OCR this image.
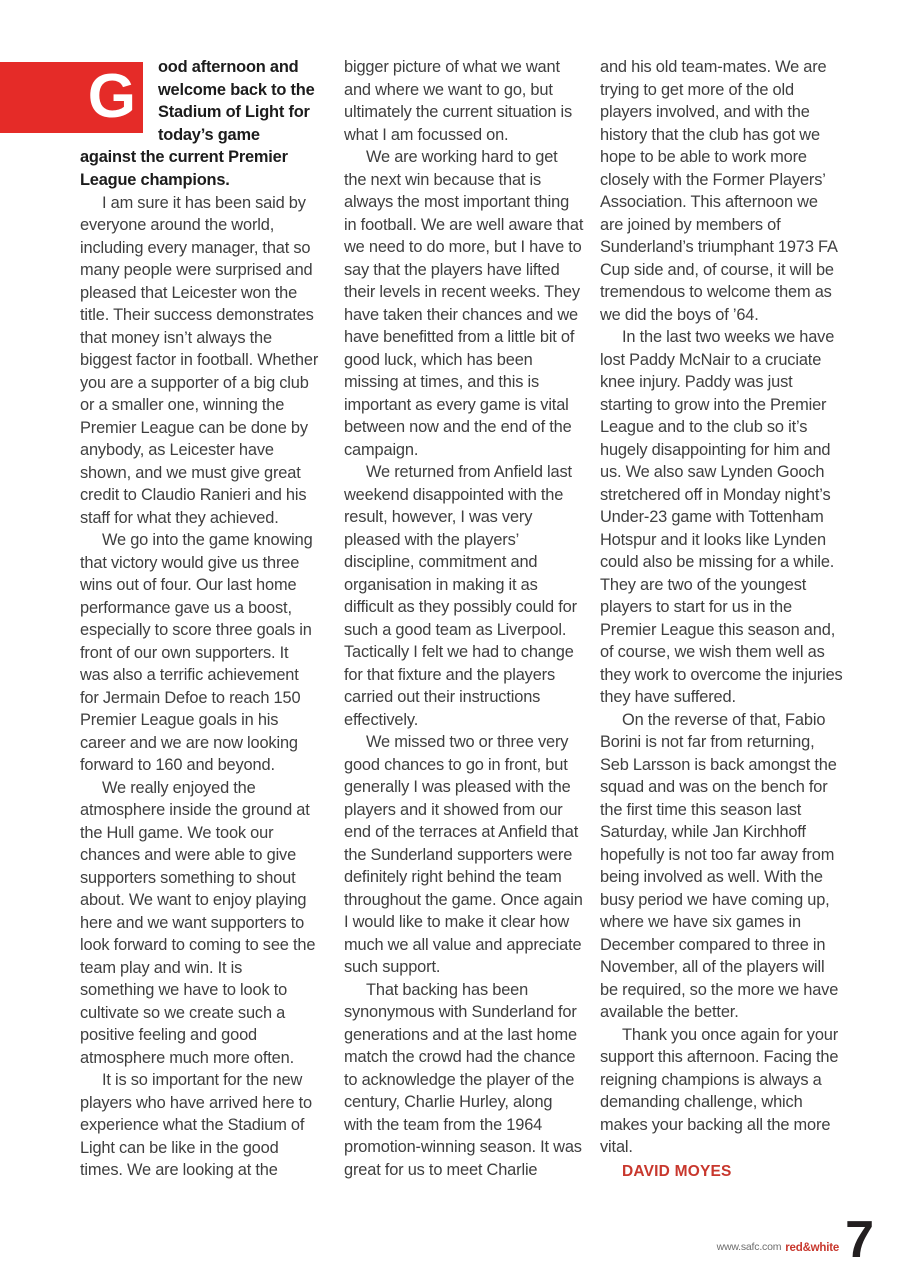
G	ood afternoon and welcome back to the Stadium of Light for today’s game against the current Premier League champions.

I am sure it has been said by everyone around the world, including every manager, that so many people were surprised and pleased that Leicester won the title. Their success demonstrates that money isn’t always the biggest factor in football. Whether you are a supporter of a big club or a smaller one, winning the Premier League can be done by anybody, as Leicester have shown, and we must give great credit to Claudio Ranieri and his staff for what they achieved.

We go into the game knowing that victory would give us three wins out of four. Our last home performance gave us a boost, especially to score three goals in front of our own supporters. It was also a terrific achievement for Jermain Defoe to reach 150 Premier League goals in his career and we are now looking forward to 160 and beyond.

We really enjoyed the atmosphere inside the ground at the Hull game. We took our chances and were able to give supporters something to shout about. We want to enjoy playing here and we want supporters to look forward to coming to see the team play and win. It is something we have to look to cultivate so we create such a positive feeling and good atmosphere much more often.

It is so important for the new players who have arrived here to experience what the Stadium of Light can be like in the good times. We are looking at the

bigger picture of what we want and where we want to go, but ultimately the current situation is what I am focussed on.

We are working hard to get the next win because that is always the most important thing in football. We are well aware that we need to do more, but I have to say that the players have lifted their levels in recent weeks. They have taken their chances and we have benefitted from a little bit of good luck, which has been missing at times, and this is important as every game is vital between now and the end of the campaign.

We returned from Anfield last weekend disappointed with the result, however, I was very pleased with the players’ discipline, commitment and organisation in making it as difficult as they possibly could for such a good team as Liverpool. Tactically I felt we had to change for that fixture and the players carried out their instructions effectively.

We missed two or three very good chances to go in front, but generally I was pleased with the players and it showed from our end of the terraces at Anfield that the Sunderland supporters were definitely right behind the team throughout the game. Once again I would like to make it clear how much we all value and appreciate such support.

That backing has been synonymous with Sunderland for generations and at the last home match the crowd had the chance to acknowledge the player of the century, Charlie Hurley, along with the team from the 1964 promotion-winning season. It was great for us to meet Charlie

and his old team-mates. We are trying to get more of the old players involved, and with the history that the club has got we hope to be able to work more closely with the Former Players’ Association. This afternoon we are joined by members of Sunderland’s triumphant 1973 FA Cup side and, of course, it will be tremendous to welcome them as we did the boys of ’64.

In the last two weeks we have lost Paddy McNair to a cruciate knee injury. Paddy was just starting to grow into the Premier League and to the club so it’s hugely disappointing for him and us. We also saw Lynden Gooch stretchered off in Monday night’s Under-23 game with Tottenham Hotspur and it looks like Lynden could also be missing for a while. They are two of the youngest players to start for us in the Premier League this season and, of course, we wish them well as they work to overcome the injuries they have suffered.

On the reverse of that, Fabio Borini is not far from returning, Seb Larsson is back amongst the squad and was on the bench for the first time this season last Saturday, while Jan Kirchhoff hopefully is not too far away from being involved as well. With the busy period we have coming up, where we have six games in December compared to three in November, all of the players will be required, so the more we have available the better.

Thank you once again for your support this afternoon. Facing the reigning champions is always a demanding challenge, which makes your backing all the more vital.

DAVID MOYES

www.safc.com red&white 7
